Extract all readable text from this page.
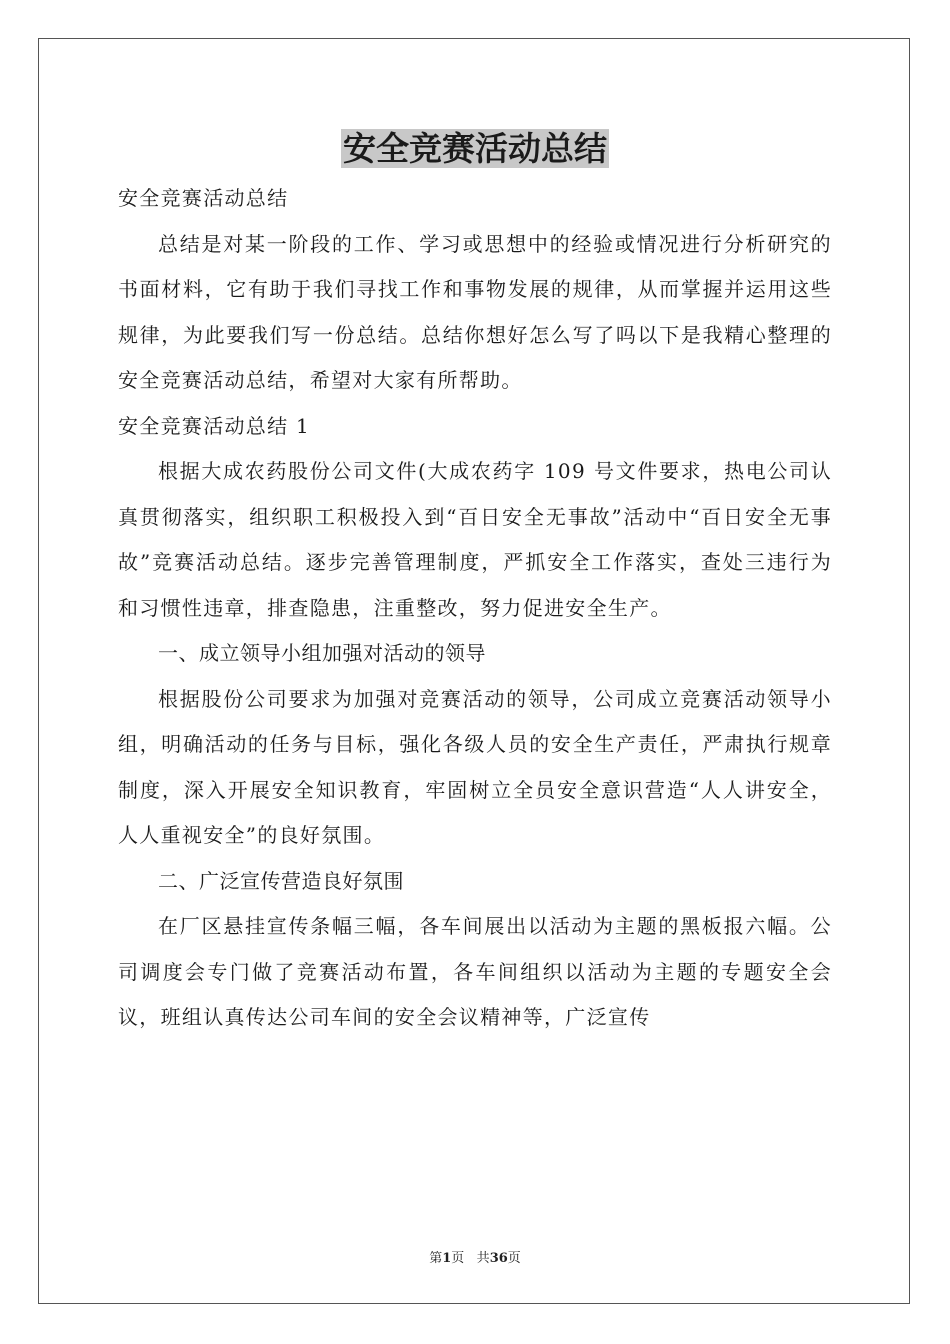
安全竞赛活动总结

安全竞赛活动总结

总结是对某一阶段的工作、学习或思想中的经验或情况进行分析研究的书面材料，它有助于我们寻找工作和事物发展的规律，从而掌握并运用这些规律，为此要我们写一份总结。总结你想好怎么写了吗以下是我精心整理的安全竞赛活动总结，希望对大家有所帮助。

安全竞赛活动总结 1

根据大成农药股份公司文件(大成农药字 109 号文件要求，热电公司认真贯彻落实，组织职工积极投入到“百日安全无事故”活动中“百日安全无事故”竞赛活动总结。逐步完善管理制度，严抓安全工作落实，查处三违行为和习惯性违章，排查隐患，注重整改，努力促进安全生产。

一、成立领导小组加强对活动的领导

根据股份公司要求为加强对竞赛活动的领导，公司成立竞赛活动领导小组，明确活动的任务与目标，强化各级人员的安全生产责任，严肃执行规章制度，深入开展安全知识教育，牢固树立全员安全意识营造“人人讲安全，人人重视安全”的良好氛围。

二、广泛宣传营造良好氛围

在厂区悬挂宣传条幅三幅，各车间展出以活动为主题的黑板报六幅。公司调度会专门做了竞赛活动布置，各车间组织以活动为主题的专题安全会议，班组认真传达公司车间的安全会议精神等，广泛宣传

第1页 共36页
